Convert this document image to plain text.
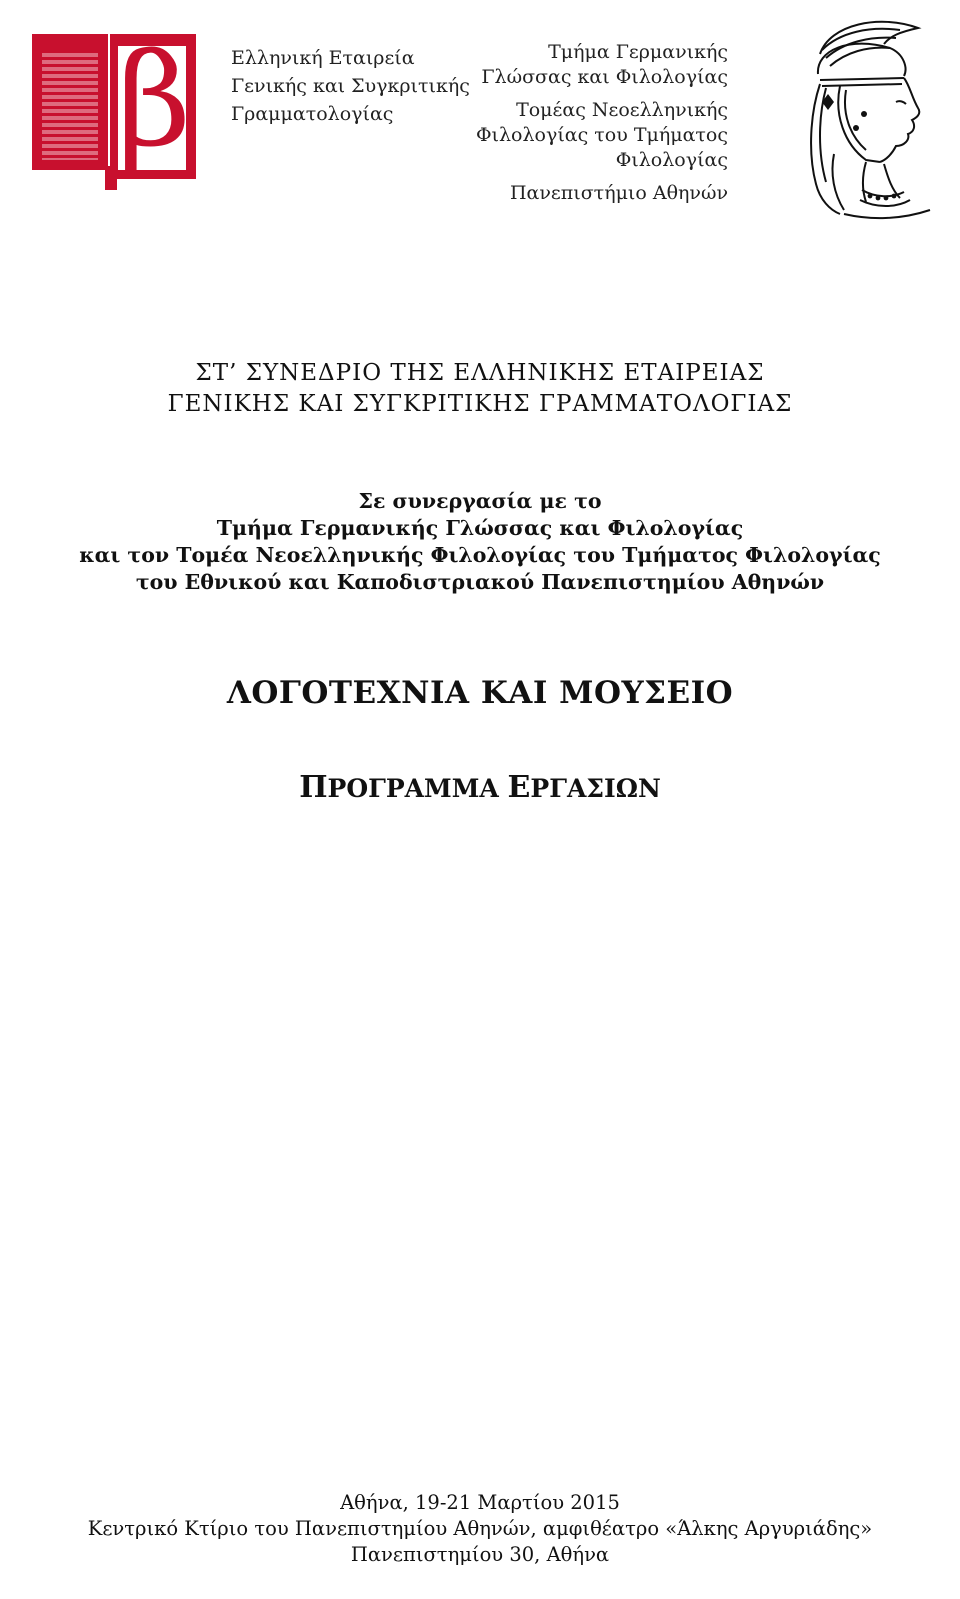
β Ελληνική Εταιρεία
Γενικής και Συγκριτικής
Γραμματολογίας
Τμήμα Γερμανικής
Γλώσσας και Φιλολογίας
Τομέας Νεοελληνικής
Φιλολογίας του Τμήματος
Φιλολογίας
Πανεπιστήμιο Αθηνών
ΣΤ’ ΣΥΝΕΔΡΙΟ ΤΗΣ ΕΛΛΗΝΙΚΗΣ ΕΤΑΙΡΕΙΑΣ
ΓΕΝΙΚΗΣ ΚΑΙ ΣΥΓΚΡΙΤΙΚΗΣ ΓΡΑΜΜΑΤΟΛΟΓΙΑΣ
Σε συνεργασία με το
Τμήμα Γερμανικής Γλώσσας και Φιλολογίας
και τον Τομέα Νεοελληνικής Φιλολογίας του Τμήματος Φιλολογίας
του Εθνικού και Καποδιστριακού Πανεπιστημίου Αθηνών
ΛΟΓΟΤΕΧΝΙΑ ΚΑΙ ΜΟΥΣΕΙΟ
ΠΡΟΓΡΑΜΜΑ ΕΡΓΑΣΙΩΝ
Αθήνα, 19-21 Μαρτίου 2015
Κεντρικό Κτίριο του Πανεπιστημίου Αθηνών, αμφιθέατρο «Άλκης Αργυριάδης»
Πανεπιστημίου 30, Αθήνα
